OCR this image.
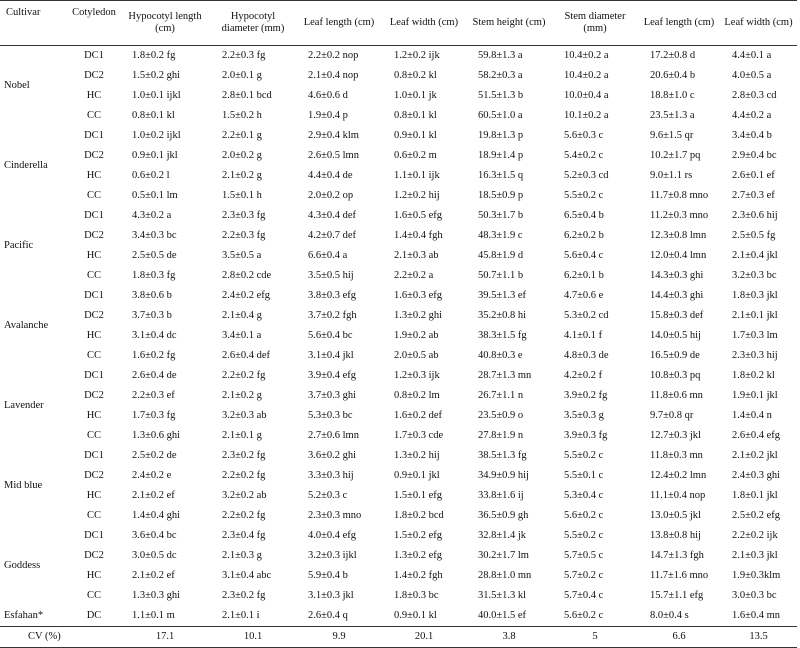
Cultivar	Cotyledon	Hypocotyl length (cm)	Hypocotyl diameter (mm)	Leaf length (cm)	Leaf width (cm)	Stem height (cm)	Stem diameter (mm)	Leaf length (cm)	Leaf width (cm)
Nobel	DC1	1.8±0.2 fg	2.2±0.3 fg	2.2±0.2 nop	1.2±0.2 ijk	59.8±1.3 a	10.4±0.2 a	17.2±0.8 d	4.4±0.1 a
	DC2	1.5±0.2 ghi	2.0±0.1 g	2.1±0.4 nop	0.8±0.2 kl	58.2±0.3 a	10.4±0.2 a	20.6±0.4 b	4.0±0.5 a
	HC	1.0±0.1 ijkl	2.8±0.1 bcd	4.6±0.6 d	1.0±0.1 jk	51.5±1.3 b	10.0±0.4 a	18.8±1.0 c	2.8±0.3 cd
	CC	0.8±0.1 kl	1.5±0.2 h	1.9±0.4 p	0.8±0.1 kl	60.5±1.0 a	10.1±0.2 a	23.5±1.3 a	4.4±0.2 a
Cinderella	DC1	1.0±0.2 ijkl	2.2±0.1 g	2.9±0.4 klm	0.9±0.1 kl	19.8±1.3 p	5.6±0.3 c	9.6±1.5 qr	3.4±0.4 b
	DC2	0.9±0.1 jkl	2.0±0.2 g	2.6±0.5 lmn	0.6±0.2 m	18.9±1.4 p	5.4±0.2 c	10.2±1.7 pq	2.9±0.4 bc
	HC	0.6±0.2 l	2.1±0.2 g	4.4±0.4 de	1.1±0.1 ijk	16.3±1.5 q	5.2±0.3 cd	9.0±1.1 rs	2.6±0.1 ef
	CC	0.5±0.1 lm	1.5±0.1 h	2.0±0.2 op	1.2±0.2 hij	18.5±0.9 p	5.5±0.2 c	11.7±0.8 mno	2.7±0.3 ef
Pacific	DC1	4.3±0.2 a	2.3±0.3 fg	4.3±0.4 def	1.6±0.5 efg	50.3±1.7 b	6.5±0.4 b	11.2±0.3 mno	2.3±0.6 hij
	DC2	3.4±0.3 bc	2.2±0.3 fg	4.2±0.7 def	1.4±0.4 fgh	48.3±1.9 c	6.2±0.2 b	12.3±0.8 lmn	2.5±0.5 fg
	HC	2.5±0.5 de	3.5±0.5 a	6.6±0.4 a	2.1±0.3 ab	45.8±1.9 d	5.6±0.4 c	12.0±0.4 lmn	2.1±0.4 jkl
	CC	1.8±0.3 fg	2.8±0.2 cde	3.5±0.5 hij	2.2±0.2 a	50.7±1.1 b	6.2±0.1 b	14.3±0.3 ghi	3.2±0.3 bc
Avalanche	DC1	3.8±0.6 b	2.4±0.2 efg	3.8±0.3 efg	1.6±0.3 efg	39.5±1.3 ef	4.7±0.6 e	14.4±0.3 ghi	1.8±0.3 jkl
	DC2	3.7±0.3 b	2.1±0.4 g	3.7±0.2 fgh	1.3±0.2 ghi	35.2±0.8 hi	5.3±0.2 cd	15.8±0.3 def	2.1±0.1 jkl
	HC	3.1±0.4 dc	3.4±0.1 a	5.6±0.4 bc	1.9±0.2 ab	38.3±1.5 fg	4.1±0.1 f	14.0±0.5 hij	1.7±0.3 lm
	CC	1.6±0.2 fg	2.6±0.4 def	3.1±0.4 jkl	2.0±0.5 ab	40.8±0.3 e	4.8±0.3 de	16.5±0.9 de	2.3±0.3 hij
Lavender	DC1	2.6±0.4 de	2.2±0.2 fg	3.9±0.4 efg	1.2±0.3 ijk	28.7±1.3 mn	4.2±0.2 f	10.8±0.3 pq	1.8±0.2 kl
	DC2	2.2±0.3 ef	2.1±0.2 g	3.7±0.3 ghi	0.8±0.2 lm	26.7±1.1 n	3.9±0.2 fg	11.8±0.6 mn	1.9±0.1 jkl
	HC	1.7±0.3 fg	3.2±0.3 ab	5.3±0.3 bc	1.6±0.2 def	23.5±0.9 o	3.5±0.3 g	9.7±0.8 qr	1.4±0.4 n
	CC	1.3±0.6 ghi	2.1±0.1 g	2.7±0.6 lmn	1.7±0.3 cde	27.8±1.9 n	3.9±0.3 fg	12.7±0.3 jkl	2.6±0.4 efg
Mid blue	DC1	2.5±0.2 de	2.3±0.2 fg	3.6±0.2 ghi	1.3±0.2 hij	38.5±1.3 fg	5.5±0.2 c	11.8±0.3 mn	2.1±0.2 jkl
	DC2	2.4±0.2 e	2.2±0.2 fg	3.3±0.3 hij	0.9±0.1 jkl	34.9±0.9 hij	5.5±0.1 c	12.4±0.2 lmn	2.4±0.3 ghi
	HC	2.1±0.2 ef	3.2±0.2 ab	5.2±0.3 c	1.5±0.1 efg	33.8±1.6 ij	5.3±0.4 c	11.1±0.4 nop	1.8±0.1 jkl
	CC	1.4±0.4 ghi	2.2±0.2 fg	2.3±0.3 mno	1.8±0.2 bcd	36.5±0.9 gh	5.6±0.2 c	13.0±0.5 jkl	2.5±0.2 efg
Goddess	DC1	3.6±0.4 bc	2.3±0.4 fg	4.0±0.4 efg	1.5±0.2 efg	32.8±1.4 jk	5.5±0.2 c	13.8±0.8 hij	2.2±0.2 ijk
	DC2	3.0±0.5 dc	2.1±0.3 g	3.2±0.3 ijkl	1.3±0.2 efg	30.2±1.7 lm	5.7±0.5 c	14.7±1.3 fgh	2.1±0.3 jkl
	HC	2.1±0.2 ef	3.1±0.4 abc	5.9±0.4 b	1.4±0.2 fgh	28.8±1.0 mn	5.7±0.2 c	11.7±1.6 mno	1.9±0.3klm
	CC	1.3±0.3 ghi	2.3±0.2 fg	3.1±0.3 jkl	1.8±0.3 bc	31.5±1.3 kl	5.7±0.4 c	15.7±1.1 efg	3.0±0.3 bc
Esfahan*	DC	1.1±0.1 m	2.1±0.1 i	2.6±0.4 q	0.9±0.1 kl	40.0±1.5 ef	5.6±0.2 c	8.0±0.4 s	1.6±0.4 mn
CV (%)		17.1	10.1	9.9	20.1	3.8	5	6.6	13.5
